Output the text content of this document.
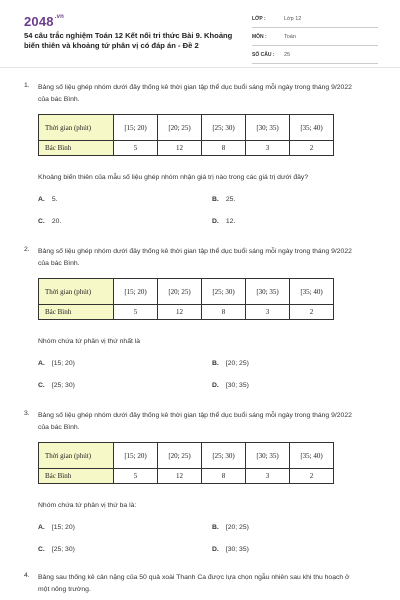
$2048^{.vn}$
54 câu trắc nghiệm Toán 12 Kết nối tri thức Bài 9. Khoảng biến thiên và khoảng tứ phân vị có đáp án - Đề 2
LỚP :	Lớp 12
MÔN :	Toán
SỐ CÂU : 25
1. Bảng số liệu ghép nhóm dưới đây thống kê thời gian tập thể dục buổi sáng mỗi ngày trong tháng 9/2022 của bác Bình.
Thời gian (phút)	[15; 20)	[20; 25)	[25; 30)	[30; 35)	[35; 40)
Bác Bình	5	12	8	3	2
Khoảng biến thiên của mẫu số liệu ghép nhóm nhận giá trị nào trong các giá trị dưới đây?
A. 5.	B. 25.
C. 20.	D. 12.
2. Bảng số liệu ghép nhóm dưới đây thống kê thời gian tập thể dục buổi sáng mỗi ngày trong tháng 9/2022 của bác Bình.
Thời gian (phút)	[15; 20)	[20; 25)	[25; 30)	[30; 35)	[35; 40)
Bác Bình	5	12	8	3	2
Nhóm chứa tứ phân vị thứ nhất là
A. [15; 20)	B. [20; 25)
C. [25; 30)	D. [30; 35)
3. Bảng số liệu ghép nhóm dưới đây thống kê thời gian tập thể dục buổi sáng mỗi ngày trong tháng 9/2022 của bác Bình.
Thời gian (phút)	[15; 20)	[20; 25)	[25; 30)	[30; 35)	[35; 40)
Bác Bình	5	12	8	3	2
Nhóm chứa tứ phân vị thứ ba là:
A. [15; 20)	B. [20; 25)
C. [25; 30)	D. [30; 35)
4. Bảng sau thống kê cân nặng của 50 quả xoài Thanh Ca được lựa chọn ngẫu nhiên sau khi thu hoạch ở một nông trường.
